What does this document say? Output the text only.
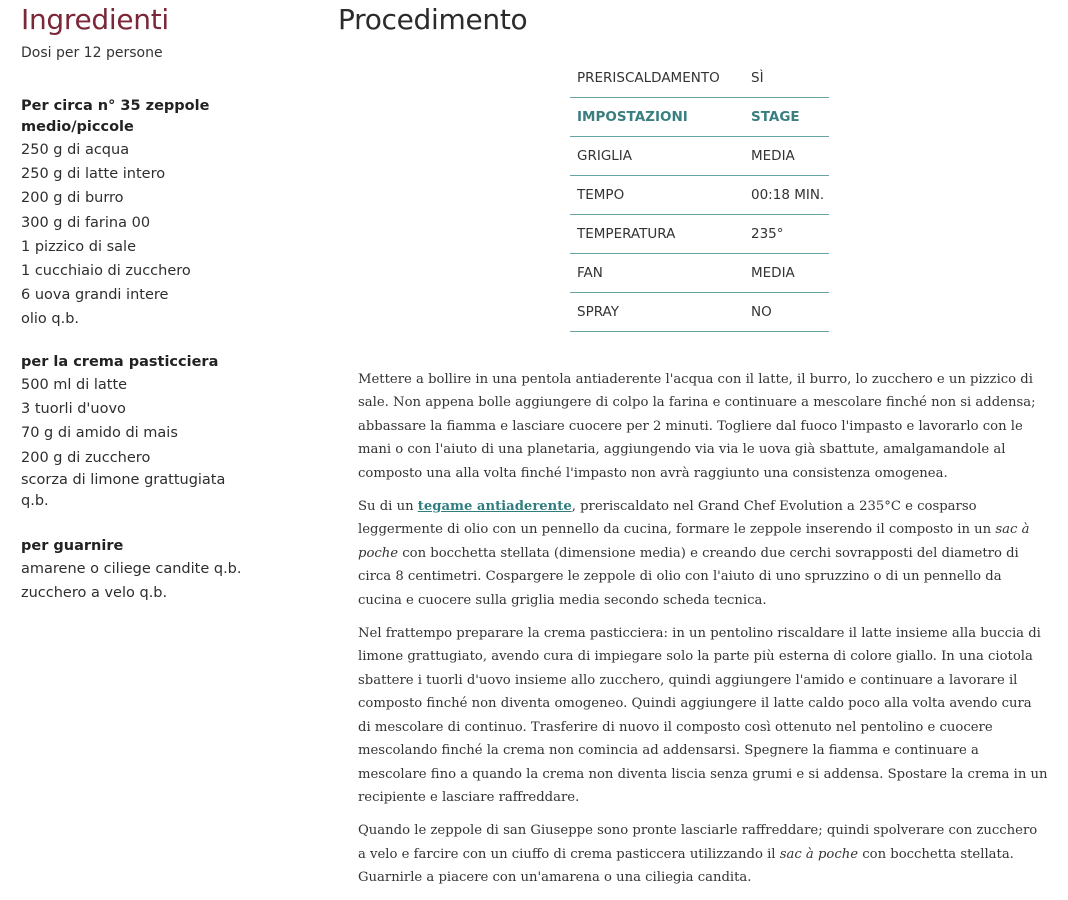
Ingredienti
Dosi per 12 persone
Per circa n° 35 zeppole medio/piccole
250 g di acqua
250 g di latte intero
200 g di burro
300 g di farina 00
1 pizzico di sale
1 cucchiaio di zucchero
6 uova grandi intere
olio q.b.
per la crema pasticciera
500 ml di latte
3 tuorli d'uovo
70 g di amido di mais
200 g di zucchero
scorza di limone grattugiata q.b.
per guarnire
amarene o ciliege candite q.b.
zucchero a velo q.b.
Procedimento
PRERISCALDAMENTO	SÌ
IMPOSTAZIONI	STAGE
GRIGLIA	MEDIA
TEMPO	00:18 MIN.
TEMPERATURA	235°
FAN	MEDIA
SPRAY	NO

Mettere a bollire in una pentola antiaderente l'acqua con il latte, il burro, lo zucchero e un pizzico di sale. Non appena bolle aggiungere di colpo la farina e continuare a mescolare finché non si addensa; abbassare la fiamma e lasciare cuocere per 2 minuti. Togliere dal fuoco l'impasto e lavorarlo con le mani o con l'aiuto di una planetaria, aggiungendo via via le uova già sbattute, amalgamandole al composto una alla volta finché l'impasto non avrà raggiunto una consistenza omogenea.

Su di un tegame antiaderente, preriscaldato nel Grand Chef Evolution a 235°C e cosparso leggermente di olio con un pennello da cucina, formare le zeppole inserendo il composto in un sac à poche con bocchetta stellata (dimensione media) e creando due cerchi sovrapposti del diametro di circa 8 centimetri. Cospargere le zeppole di olio con l'aiuto di uno spruzzino o di un pennello da cucina e cuocere sulla griglia media secondo scheda tecnica.

Nel frattempo preparare la crema pasticciera: in un pentolino riscaldare il latte insieme alla buccia di limone grattugiato, avendo cura di impiegare solo la parte più esterna di colore giallo. In una ciotola sbattere i tuorli d'uovo insieme allo zucchero, quindi aggiungere l'amido e continuare a lavorare il composto finché non diventa omogeneo. Quindi aggiungere il latte caldo poco alla volta avendo cura di mescolare di continuo. Trasferire di nuovo il composto così ottenuto nel pentolino e cuocere mescolando finché la crema non comincia ad addensarsi. Spegnere la fiamma e continuare a mescolare fino a quando la crema non diventa liscia senza grumi e si addensa. Spostare la crema in un recipiente e lasciare raffreddare.

Quando le zeppole di san Giuseppe sono pronte lasciarle raffreddare; quindi spolverare con zucchero a velo e farcire con un ciuffo di crema pasticcera utilizzando il sac à poche con bocchetta stellata. Guarnirle a piacere con un'amarena o una ciliegia candita.
